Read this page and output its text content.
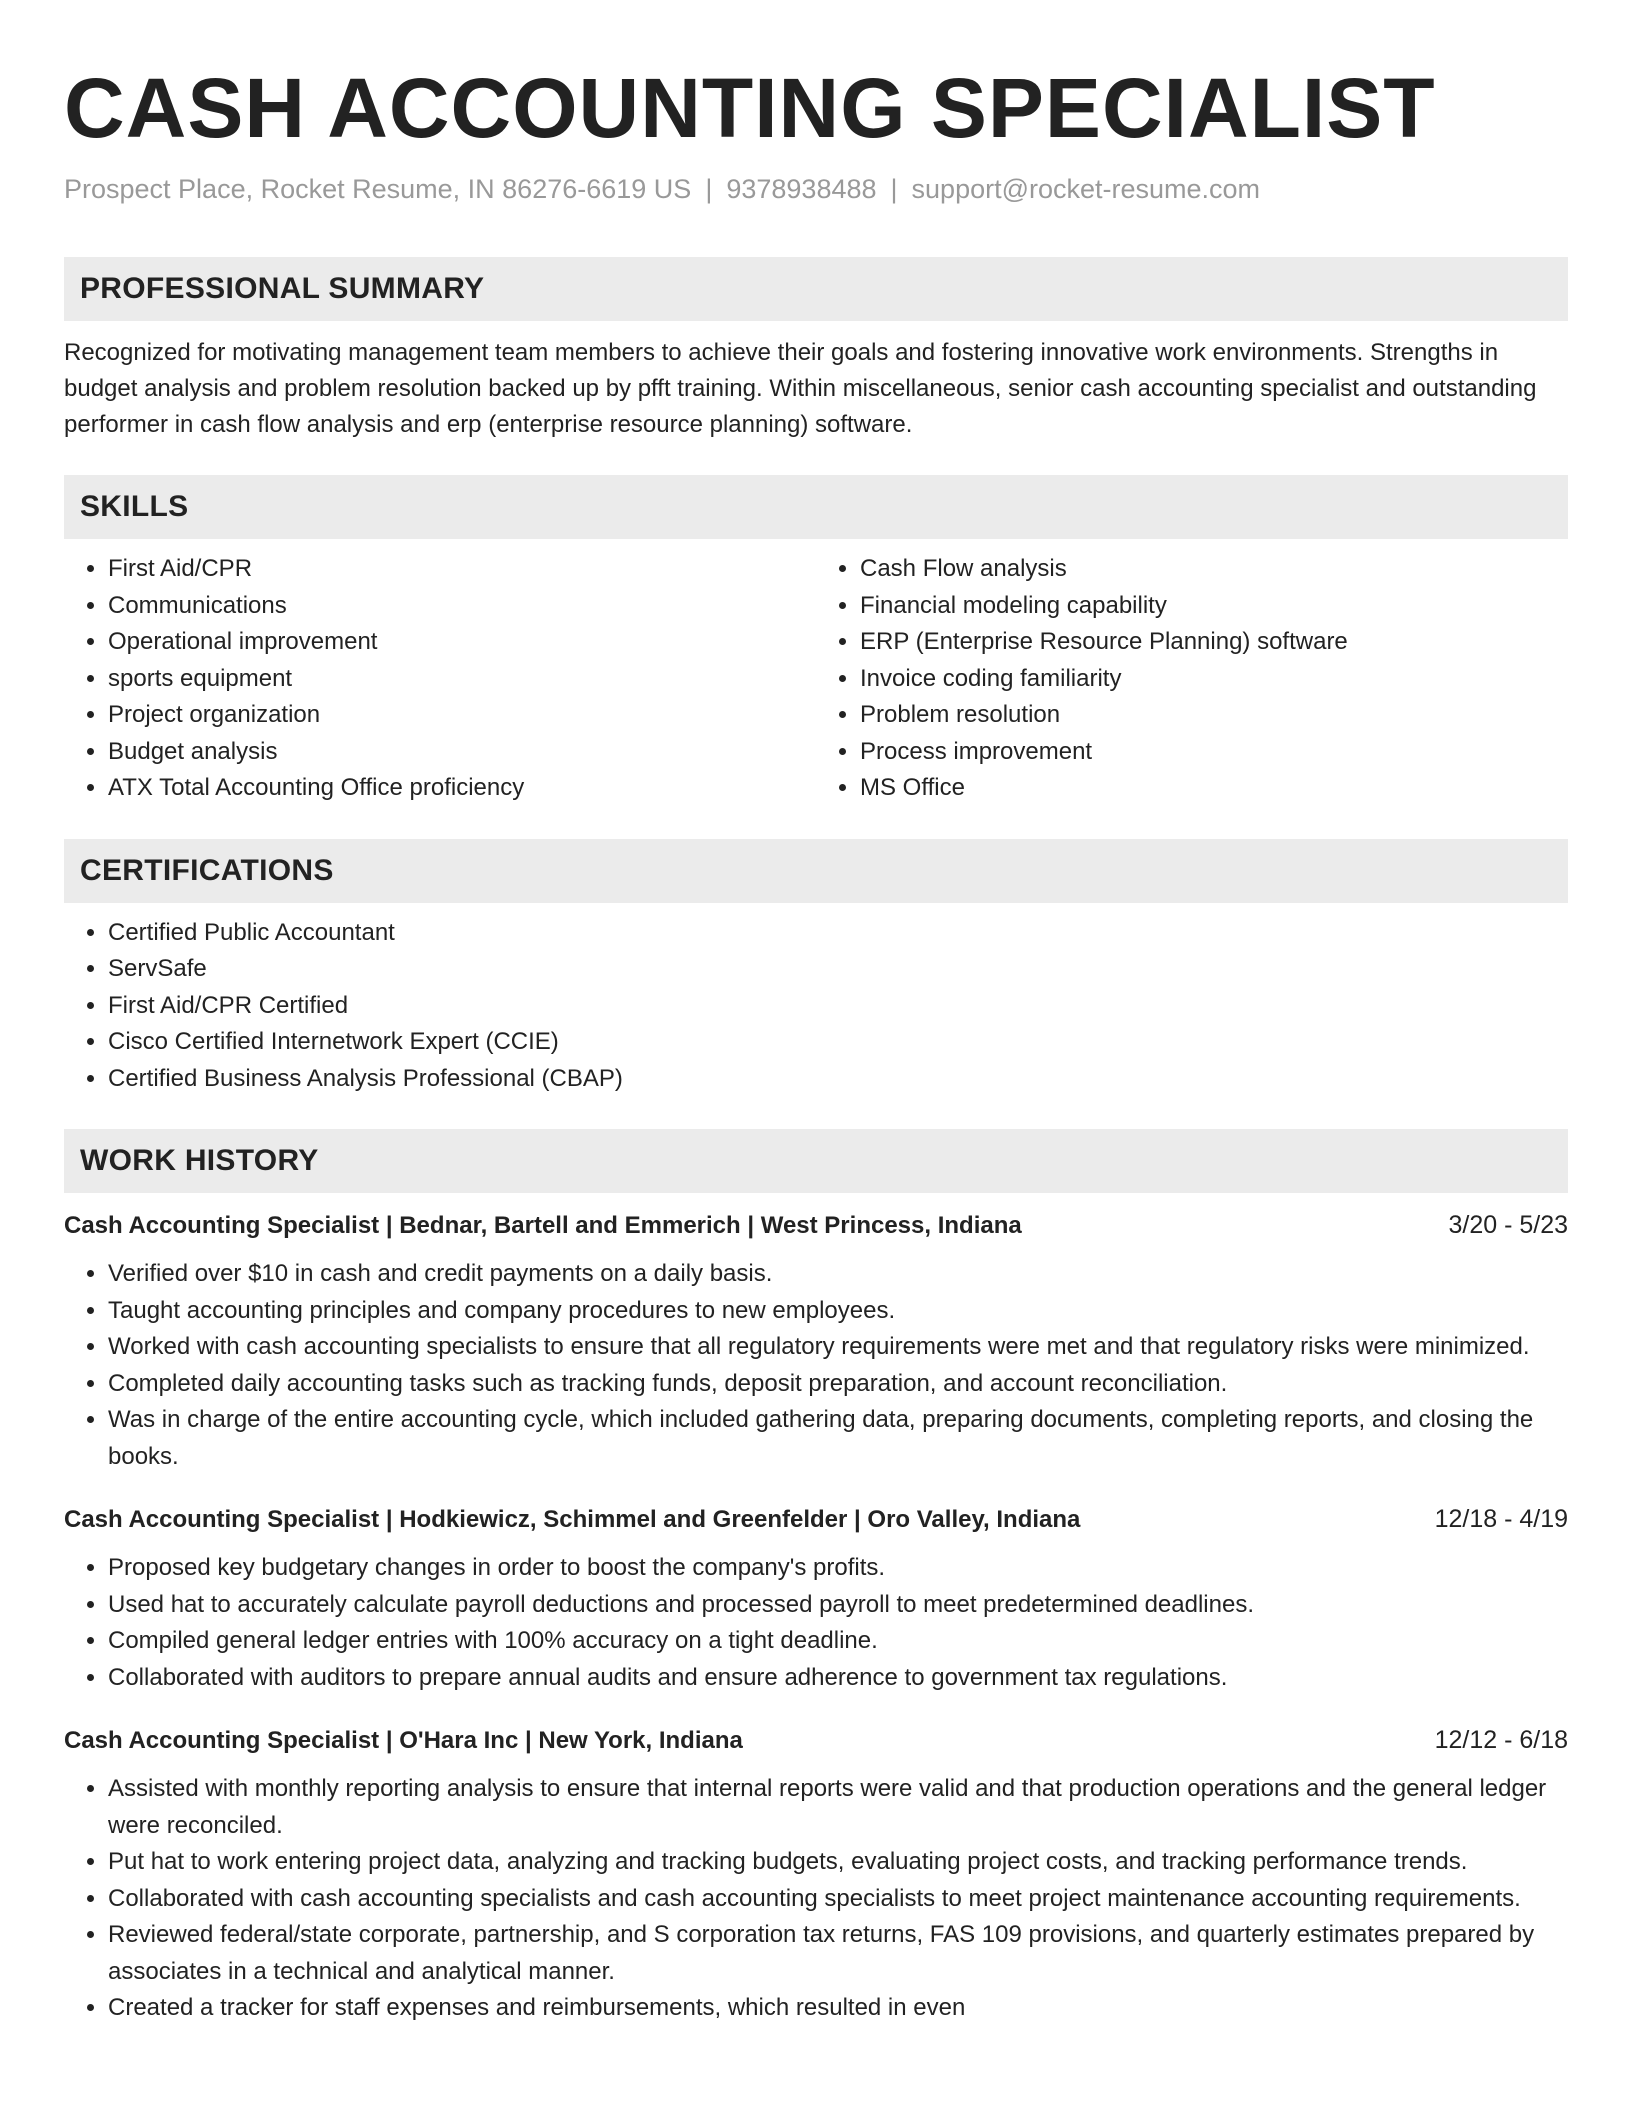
CASH ACCOUNTING SPECIALIST
Prospect Place, Rocket Resume, IN 86276-6619 US | 9378938488 | support@rocket-resume.com
PROFESSIONAL SUMMARY

Recognized for motivating management team members to achieve their goals and fostering innovative work environments. Strengths in budget analysis and problem resolution backed up by pfft training. Within miscellaneous, senior cash accounting specialist and outstanding performer in cash flow analysis and erp (enterprise resource planning) software.

SKILLS
• First Aid/CPR
• Communications
• Operational improvement
• sports equipment
• Project organization
• Budget analysis
• ATX Total Accounting Office proficiency
• Cash Flow analysis
• Financial modeling capability
• ERP (Enterprise Resource Planning) software
• Invoice coding familiarity
• Problem resolution
• Process improvement
• MS Office
CERTIFICATIONS
• Certified Public Accountant
• ServSafe
• First Aid/CPR Certified
• Cisco Certified Internetwork Expert (CCIE)
• Certified Business Analysis Professional (CBAP)
WORK HISTORY
Cash Accounting Specialist | Bednar, Bartell and Emmerich | West Princess, Indiana	3/20 - 5/23
• Verified over $10 in cash and credit payments on a daily basis.
• Taught accounting principles and company procedures to new employees.
• Worked with cash accounting specialists to ensure that all regulatory requirements were met and that regulatory risks were minimized.
• Completed daily accounting tasks such as tracking funds, deposit preparation, and account reconciliation.
• Was in charge of the entire accounting cycle, which included gathering data, preparing documents, completing reports, and closing the books.
Cash Accounting Specialist | Hodkiewicz, Schimmel and Greenfelder | Oro Valley, Indiana	12/18 - 4/19
• Proposed key budgetary changes in order to boost the company's profits.
• Used hat to accurately calculate payroll deductions and processed payroll to meet predetermined deadlines.
• Compiled general ledger entries with 100% accuracy on a tight deadline.
• Collaborated with auditors to prepare annual audits and ensure adherence to government tax regulations.
Cash Accounting Specialist | O'Hara Inc | New York, Indiana	12/12 - 6/18
• Assisted with monthly reporting analysis to ensure that internal reports were valid and that production operations and the general ledger were reconciled.
• Put hat to work entering project data, analyzing and tracking budgets, evaluating project costs, and tracking performance trends.
• Collaborated with cash accounting specialists and cash accounting specialists to meet project maintenance accounting requirements.
• Reviewed federal/state corporate, partnership, and S corporation tax returns, FAS 109 provisions, and quarterly estimates prepared by associates in a technical and analytical manner.
• Created a tracker for staff expenses and reimbursements, which resulted in even
